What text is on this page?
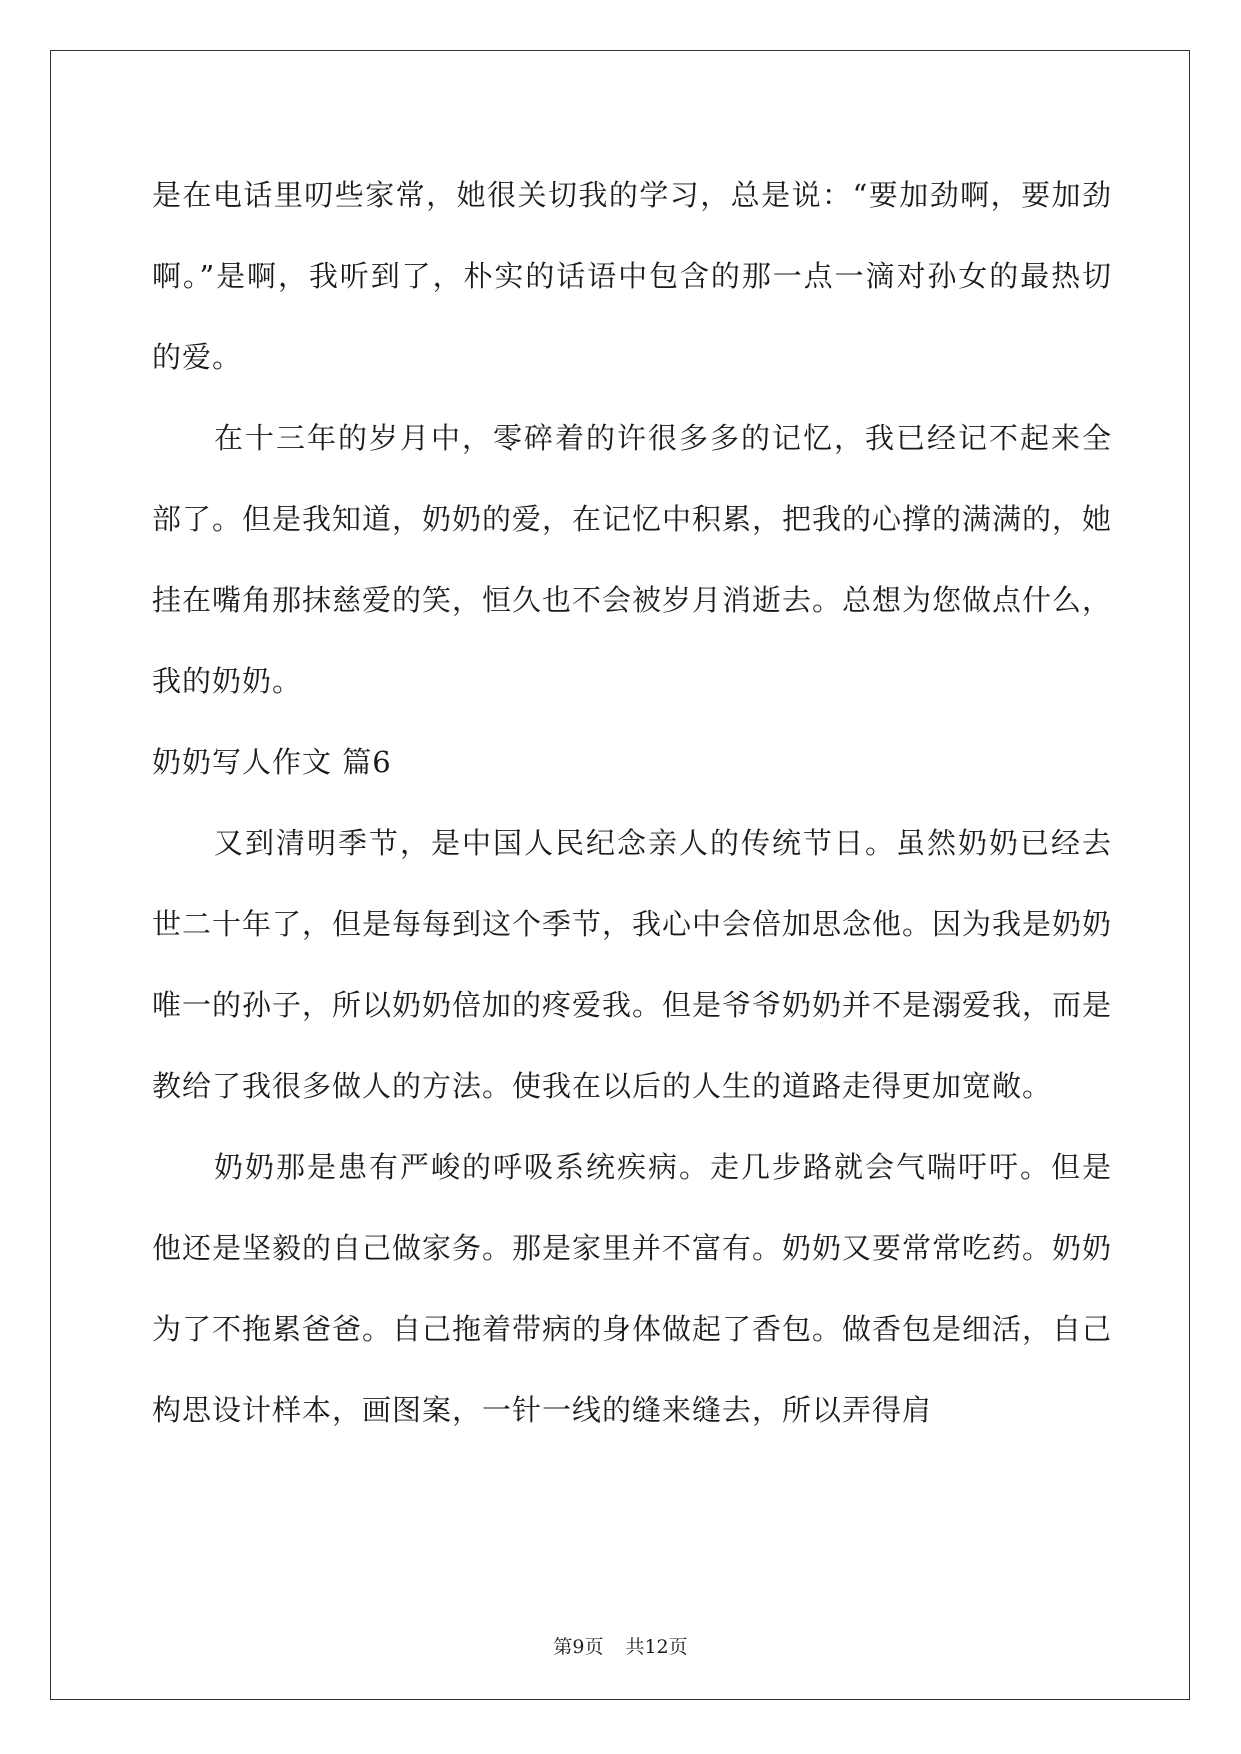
是在电话里叨些家常，她很关切我的学习，总是说：“要加劲啊，要加劲啊。”是啊，我听到了，朴实的话语中包含的那一点一滴对孙女的最热切的爱。

在十三年的岁月中，零碎着的许很多多的记忆，我已经记不起来全部了。但是我知道，奶奶的爱，在记忆中积累，把我的心撑的满满的，她挂在嘴角那抹慈爱的笑，恒久也不会被岁月消逝去。总想为您做点什么，我的奶奶。

奶奶写人作文 篇6

又到清明季节，是中国人民纪念亲人的传统节日。虽然奶奶已经去世二十年了，但是每每到这个季节，我心中会倍加思念他。因为我是奶奶唯一的孙子，所以奶奶倍加的疼爱我。但是爷爷奶奶并不是溺爱我，而是教给了我很多做人的方法。使我在以后的人生的道路走得更加宽敞。

奶奶那是患有严峻的呼吸系统疾病。走几步路就会气喘吁吁。但是他还是坚毅的自己做家务。那是家里并不富有。奶奶又要常常吃药。奶奶为了不拖累爸爸。自己拖着带病的身体做起了香包。做香包是细活，自己构思设计样本，画图案，一针一线的缝来缝去，所以弄得肩

第9页 共12页
